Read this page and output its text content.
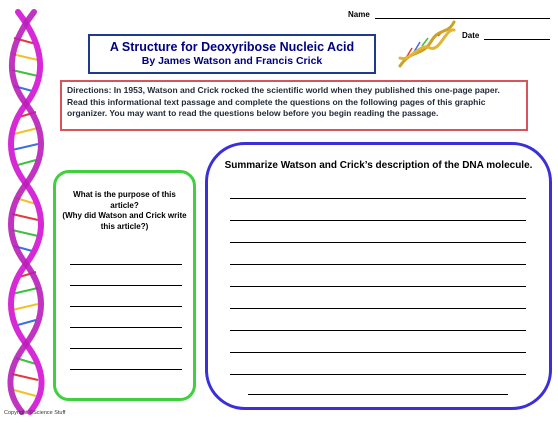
Name
Date
A Structure for Deoxyribose Nucleic Acid
By James Watson and Francis Crick
Directions: In 1953, Watson and Crick rocked the scientific world when they published this one-page paper. Read this informational text passage and complete the questions on the following pages of this graphic organizer. You may want to read the questions below before you begin reading the passage.
What is the purpose of this article?
(Why did Watson and Crick write this article?)
Summarize Watson and Crick’s description of the DNA molecule.
Copyright ©Science Stuff
